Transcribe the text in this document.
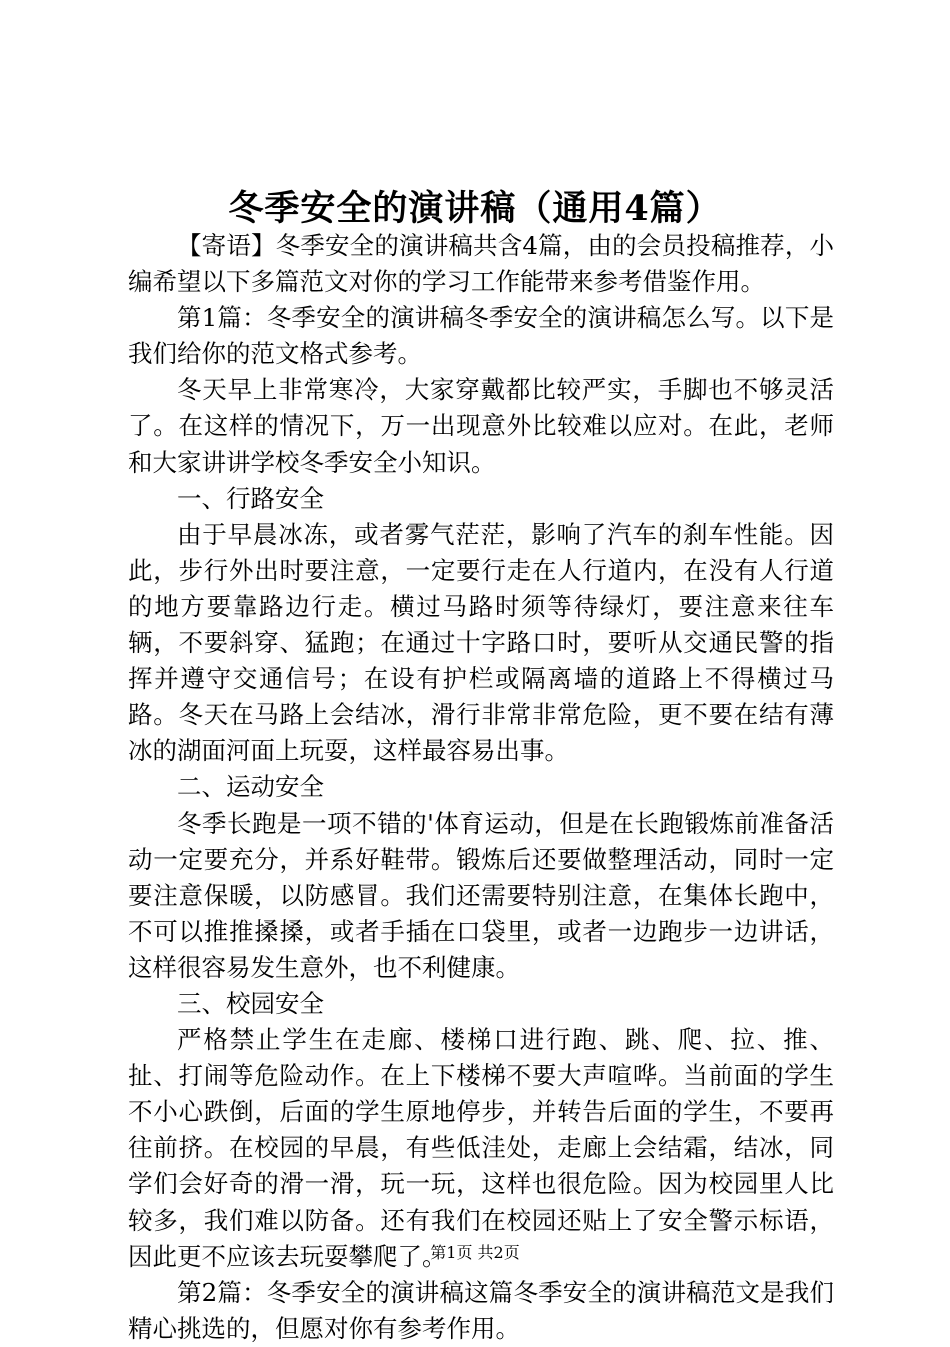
冬季安全的演讲稿（通用4篇）

【寄语】冬季安全的演讲稿共含4篇，由的会员投稿推荐，小编希望以下多篇范文对你的学习工作能带来参考借鉴作用。

第1篇：冬季安全的演讲稿冬季安全的演讲稿怎么写。以下是我们给你的范文格式参考。

冬天早上非常寒冷，大家穿戴都比较严实，手脚也不够灵活了。在这样的情况下，万一出现意外比较难以应对。在此，老师和大家讲讲学校冬季安全小知识。

一、行路安全

由于早晨冰冻，或者雾气茫茫，影响了汽车的刹车性能。因此，步行外出时要注意，一定要行走在人行道内，在没有人行道的地方要靠路边行走。横过马路时须等待绿灯，要注意来往车辆，不要斜穿、猛跑；在通过十字路口时，要听从交通民警的指挥并遵守交通信号；在设有护栏或隔离墙的道路上不得横过马路。冬天在马路上会结冰，滑行非常非常危险，更不要在结有薄冰的湖面河面上玩耍，这样最容易出事。

二、运动安全

冬季长跑是一项不错的'体育运动，但是在长跑锻炼前准备活动一定要充分，并系好鞋带。锻炼后还要做整理活动，同时一定要注意保暖，以防感冒。我们还需要特别注意，在集体长跑中，不可以推推搡搡，或者手插在口袋里，或者一边跑步一边讲话，这样很容易发生意外，也不利健康。

三、校园安全

严格禁止学生在走廊、楼梯口进行跑、跳、爬、拉、推、扯、打闹等危险动作。在上下楼梯不要大声喧哗。当前面的学生不小心跌倒，后面的学生原地停步，并转告后面的学生，不要再往前挤。在校园的早晨，有些低洼处，走廊上会结霜，结冰，同学们会好奇的滑一滑，玩一玩，这样也很危险。因为校园里人比较多，我们难以防备。还有我们在校园还贴上了安全警示标语，因此更不应该去玩耍攀爬了。

第2篇：冬季安全的演讲稿这篇冬季安全的演讲稿范文是我们精心挑选的，但愿对你有参考作用。

第1页 共2页
